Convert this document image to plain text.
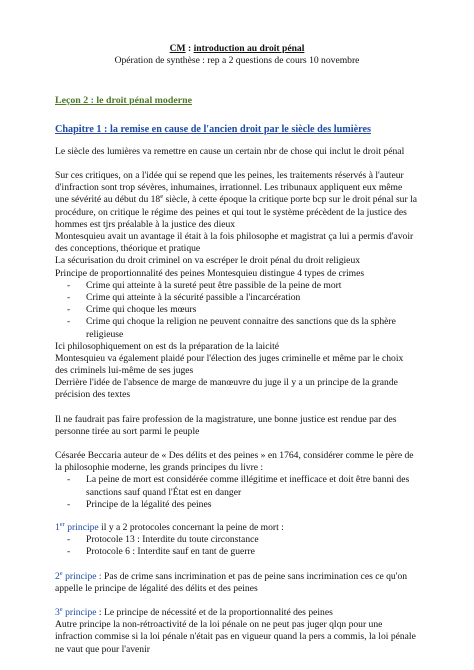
CM : introduction au droit pénal
Opération de synthèse : rep a 2 questions de cours 10 novembre
Leçon 2 : le droit pénal moderne
Chapitre 1 : la remise en cause de l'ancien droit par le siècle des lumières
Le siècle des lumières va remettre en cause un certain nbr de chose qui inclut le droit pénal
Sur ces critiques, on a l'idée qui se repend que les peines, les traitements réservés à l'auteur
d'infraction sont trop sévères, inhumaines, irrationnel. Les tribunaux appliquent eux même
une sévérité au début du 18e siècle, à cette époque la critique porte bcp sur le droit pénal sur la
procédure, on critique le régime des peines et qui tout le système précèdent de la justice des
hommes est tjrs préalable à la justice des dieux
Montesquieu avait un avantage il était à la fois philosophe et magistrat ça lui a permis d'avoir
des conceptions, théorique et pratique
La sécurisation du droit criminel on va escréper le droit pénal du droit religieux
Principe de proportionnalité des peines Montesquieu distingue 4 types de crimes
- Crime qui atteinte à la sureté peut être passible de la peine de mort
- Crime qui atteinte à la sécurité passible a l'incarcération
- Crime qui choque les mœurs
- Crime qui choque la religion ne peuvent connaitre des sanctions que ds la sphère
religieuse
Ici philosophiquement on est ds la préparation de la laicité
Montesquieu va également plaidé pour l'élection des juges criminelle et même par le choix
des criminels lui-même de ses juges
Derrière l'idée de l'absence de marge de manœuvre du juge il y a un principe de la grande
précision des textes
Il ne faudrait pas faire profession de la magistrature, une bonne justice est rendue par des
personne tirée au sort parmi le peuple
Césarée Beccaria auteur de « Des délits et des peines » en 1764, considérer comme le père de
la philosophie moderne, les grands principes du livre :
- La peine de mort est considérée comme illégitime et inefficace et doit être banni des
sanctions sauf quand l'État est en danger
- Principe de la légalité des peines
1er principe il y a 2 protocoles concernant la peine de mort :
- Protocole 13 : Interdite du toute circonstance
- Protocole 6 : Interdite sauf en tant de guerre
2e principe : Pas de crime sans incrimination et pas de peine sans incrimination ces ce qu'on
appelle le principe de légalité des délits et des peines
3e principe : Le principe de nécessité et de la proportionnalité des peines
Autre principe la non-rétroactivité de la loi pénale on ne peut pas juger qlqn pour une
infraction commise si la loi pénale n'était pas en vigueur quand la pers a commis, la loi pénale
ne vaut que pour l'avenir
